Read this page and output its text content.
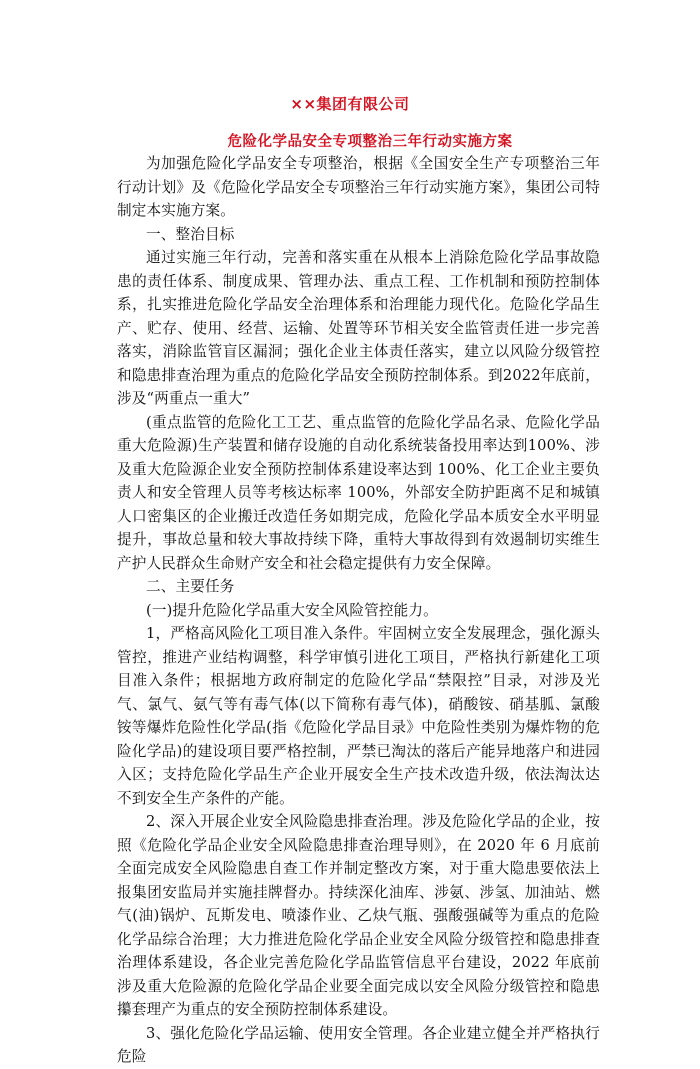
××集团有限公司
危险化学品安全专项整治三年行动实施方案

为加强危险化学品安全专项整治，根据《全国安全生产专项整治三年行动计划》及《危险化学品安全专项整治三年行动实施方案》，集团公司特制定本实施方案。

一、整治目标

通过实施三年行动，完善和落实重在从根本上消除危险化学品事故隐患的责任体系、制度成果、管理办法、重点工程、工作机制和预防控制体系，扎实推进危险化学品安全治理体系和治理能力现代化。危险化学品生产、贮存、使用、经营、运输、处置等环节相关安全监管责任进一步完善落实，消除监管盲区漏洞；强化企业主体责任落实，建立以风险分级管控和隐患排查治理为重点的危险化学品安全预防控制体系。到2022年底前，涉及“两重点一重大”

(重点监管的危险化工工艺、重点监管的危险化学品名录、危险化学品重大危险源)生产装置和储存设施的自动化系统装备投用率达到100%、涉及重大危险源企业安全预防控制体系建设率达到 100%、化工企业主要负责人和安全管理人员等考核达标率 100%，外部安全防护距离不足和城镇人口密集区的企业搬迁改造任务如期完成，危险化学品本质安全水平明显提升，事故总量和较大事故持续下降，重特大事故得到有效遏制切实维生产护人民群众生命财产安全和社会稳定提供有力安全保障。

二、主要任务

(一)提升危险化学品重大安全风险管控能力。

1，严格高风险化工项目准入条件。牢固树立安全发展理念，强化源头管控，推进产业结构调整，科学审慎引进化工项目，严格执行新建化工项目准入条件；根据地方政府制定的危险化学品“禁限控”目录，对涉及光气、氯气、氨气等有毒气体(以下简称有毒气体)，硝酸铵、硝基胍、氯酸铵等爆炸危险性化学品(指《危险化学品目录》中危险性类别为爆炸物的危险化学品)的建设项目要严格控制，严禁已淘汰的落后产能异地落户和进园入区；支持危险化学品生产企业开展安全生产技术改造升级，依法淘汰达不到安全生产条件的产能。

2、深入开展企业安全风险隐患排查治理。涉及危险化学品的企业，按照《危险化学品企业安全风险隐患排查治理导则》，在 2020 年 6 月底前全面完成安全风险隐患自查工作并制定整改方案，对于重大隐患要依法上报集团安监局并实施挂牌督办。持续深化油库、涉氨、涉氢、加油站、燃气(油)锅炉、瓦斯发电、喷漆作业、乙炔气瓶、强酸强碱等为重点的危险化学品综合治理；大力推进危险化学品企业安全风险分级管控和隐患排查治理体系建设，各企业完善危险化学品监管信息平台建设，2022 年底前涉及重大危险源的危险化学品企业要全面完成以安全风险分级管控和隐患攥套理产为重点的安全预防控制体系建设。

3、强化危险化学品运输、使用安全管理。各企业建立健全并严格执行危险
